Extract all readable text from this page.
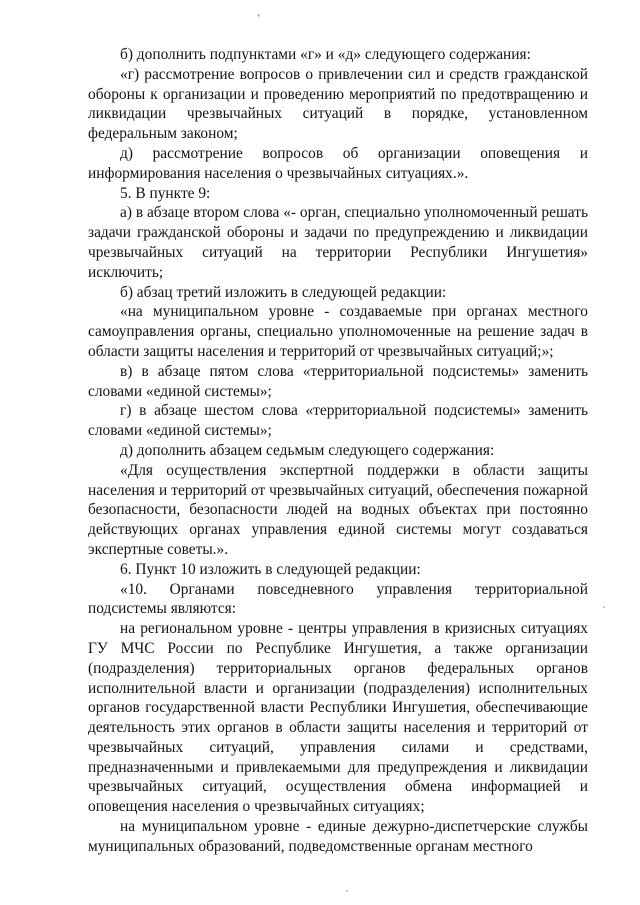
‘

б) дополнить подпунктами «г» и «д» следующего содержания:

«г) рассмотрение вопросов о привлечении сил и средств гражданской обороны к организации и проведению мероприятий по предотвращению и ликвидации чрезвычайных ситуаций в порядке, установленном федеральным законом;

д) рассмотрение вопросов об организации оповещения и информирования населения о чрезвычайных ситуациях.».

5. В пункте 9:

а) в абзаце втором слова «- орган, специально уполномоченный решать задачи гражданской обороны и задачи по предупреждению и ликвидации чрезвычайных ситуаций на территории Республики Ингушетия» исключить;

б) абзац третий изложить в следующей редакции:

«на муниципальном уровне - создаваемые при органах местного самоуправления органы, специально уполномоченные на решение задач в области защиты населения и территорий от чрезвычайных ситуаций;»;

в) в абзаце пятом слова «территориальной подсистемы» заменить словами «единой системы»;

г) в абзаце шестом слова «территориальной подсистемы» заменить словами «единой системы»;

д) дополнить абзацем седьмым следующего содержания:

«Для осуществления экспертной поддержки в области защиты населения и территорий от чрезвычайных ситуаций, обеспечения пожарной безопасности, безопасности людей на водных объектах при постоянно действующих органах управления единой системы могут создаваться экспертные советы.».

6. Пункт 10 изложить в следующей редакции:

«10. Органами повседневного управления территориальной подсистемы являются:

на региональном уровне - центры управления в кризисных ситуациях ГУ МЧС России по Республике Ингушетия, а также организации (подразделения) территориальных органов федеральных органов исполнительной власти и организации (подразделения) исполнительных органов государственной власти Республики Ингушетия, обеспечивающие деятельность этих органов в области защиты населения и территорий от чрезвычайных ситуаций, управления силами и средствами, предназначенными и привлекаемыми для предупреждения и ликвидации чрезвычайных ситуаций, осуществления обмена информацией и оповещения населения о чрезвычайных ситуациях;

на муниципальном уровне - единые дежурно-диспетчерские службы муниципальных образований, подведомственные органам местного
